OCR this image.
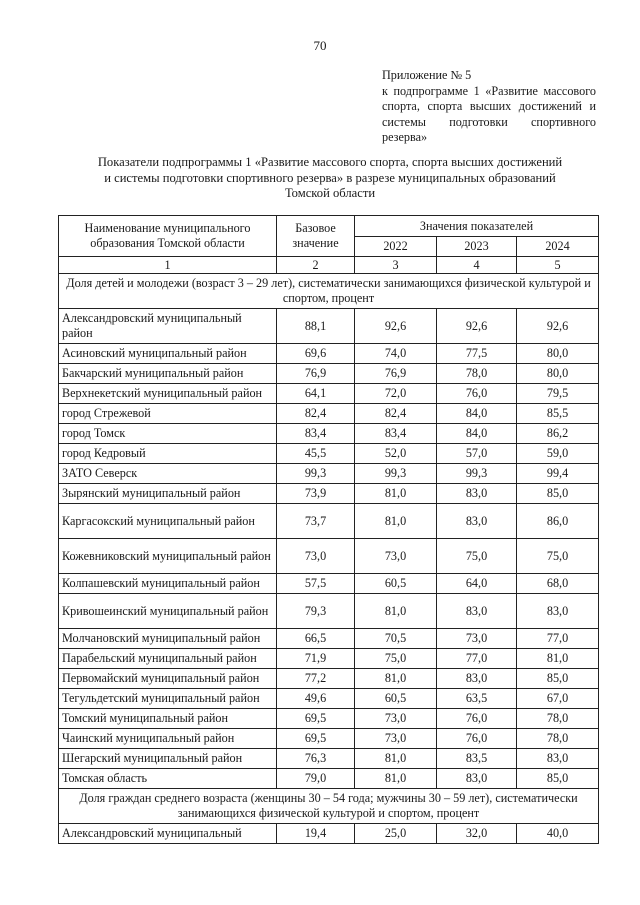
70
Приложение № 5
к подпрограмме 1 «Развитие массового спорта, спорта высших достижений и системы подготовки спортивного резерва»
Показатели подпрограммы 1 «Развитие массового спорта, спорта высших достижений
и системы подготовки спортивного резерва» в разрезе муниципальных образований
Томской области
Наименование муниципального образования Томской области	Базовое значение	Значения показателей		
		2022	2023	2024
1	2	3	4	5
Доля детей и молодежи (возраст 3 – 29 лет), систематически занимающихся физической культурой и спортом, процент				
Александровский муниципальный район	88,1	92,6	92,6	92,6
Асиновский муниципальный район	69,6	74,0	77,5	80,0
Бакчарский муниципальный район	76,9	76,9	78,0	80,0
Верхнекетский муниципальный район	64,1	72,0	76,0	79,5
город Стрежевой	82,4	82,4	84,0	85,5
город Томск	83,4	83,4	84,0	86,2
город Кедровый	45,5	52,0	57,0	59,0
ЗАТО Северск	99,3	99,3	99,3	99,4
Зырянский муниципальный район	73,9	81,0	83,0	85,0
Каргасокский муниципальный район	73,7	81,0	83,0	86,0
Кожевниковский муниципальный район	73,0	73,0	75,0	75,0
Колпашевский муниципальный район	57,5	60,5	64,0	68,0
Кривошеинский муниципальный район	79,3	81,0	83,0	83,0
Молчановский муниципальный район	66,5	70,5	73,0	77,0
Парабельский муниципальный район	71,9	75,0	77,0	81,0
Первомайский муниципальный район	77,2	81,0	83,0	85,0
Тегульдетский муниципальный район	49,6	60,5	63,5	67,0
Томский муниципальный район	69,5	73,0	76,0	78,0
Чаинский муниципальный район	69,5	73,0	76,0	78,0
Шегарский муниципальный район	76,3	81,0	83,5	83,0
Томская область	79,0	81,0	83,0	85,0
Доля граждан среднего возраста (женщины 30 – 54 года; мужчины 30 – 59 лет), систематически занимающихся физической культурой и спортом, процент				
Александровский муниципальный	19,4	25,0	32,0	40,0
